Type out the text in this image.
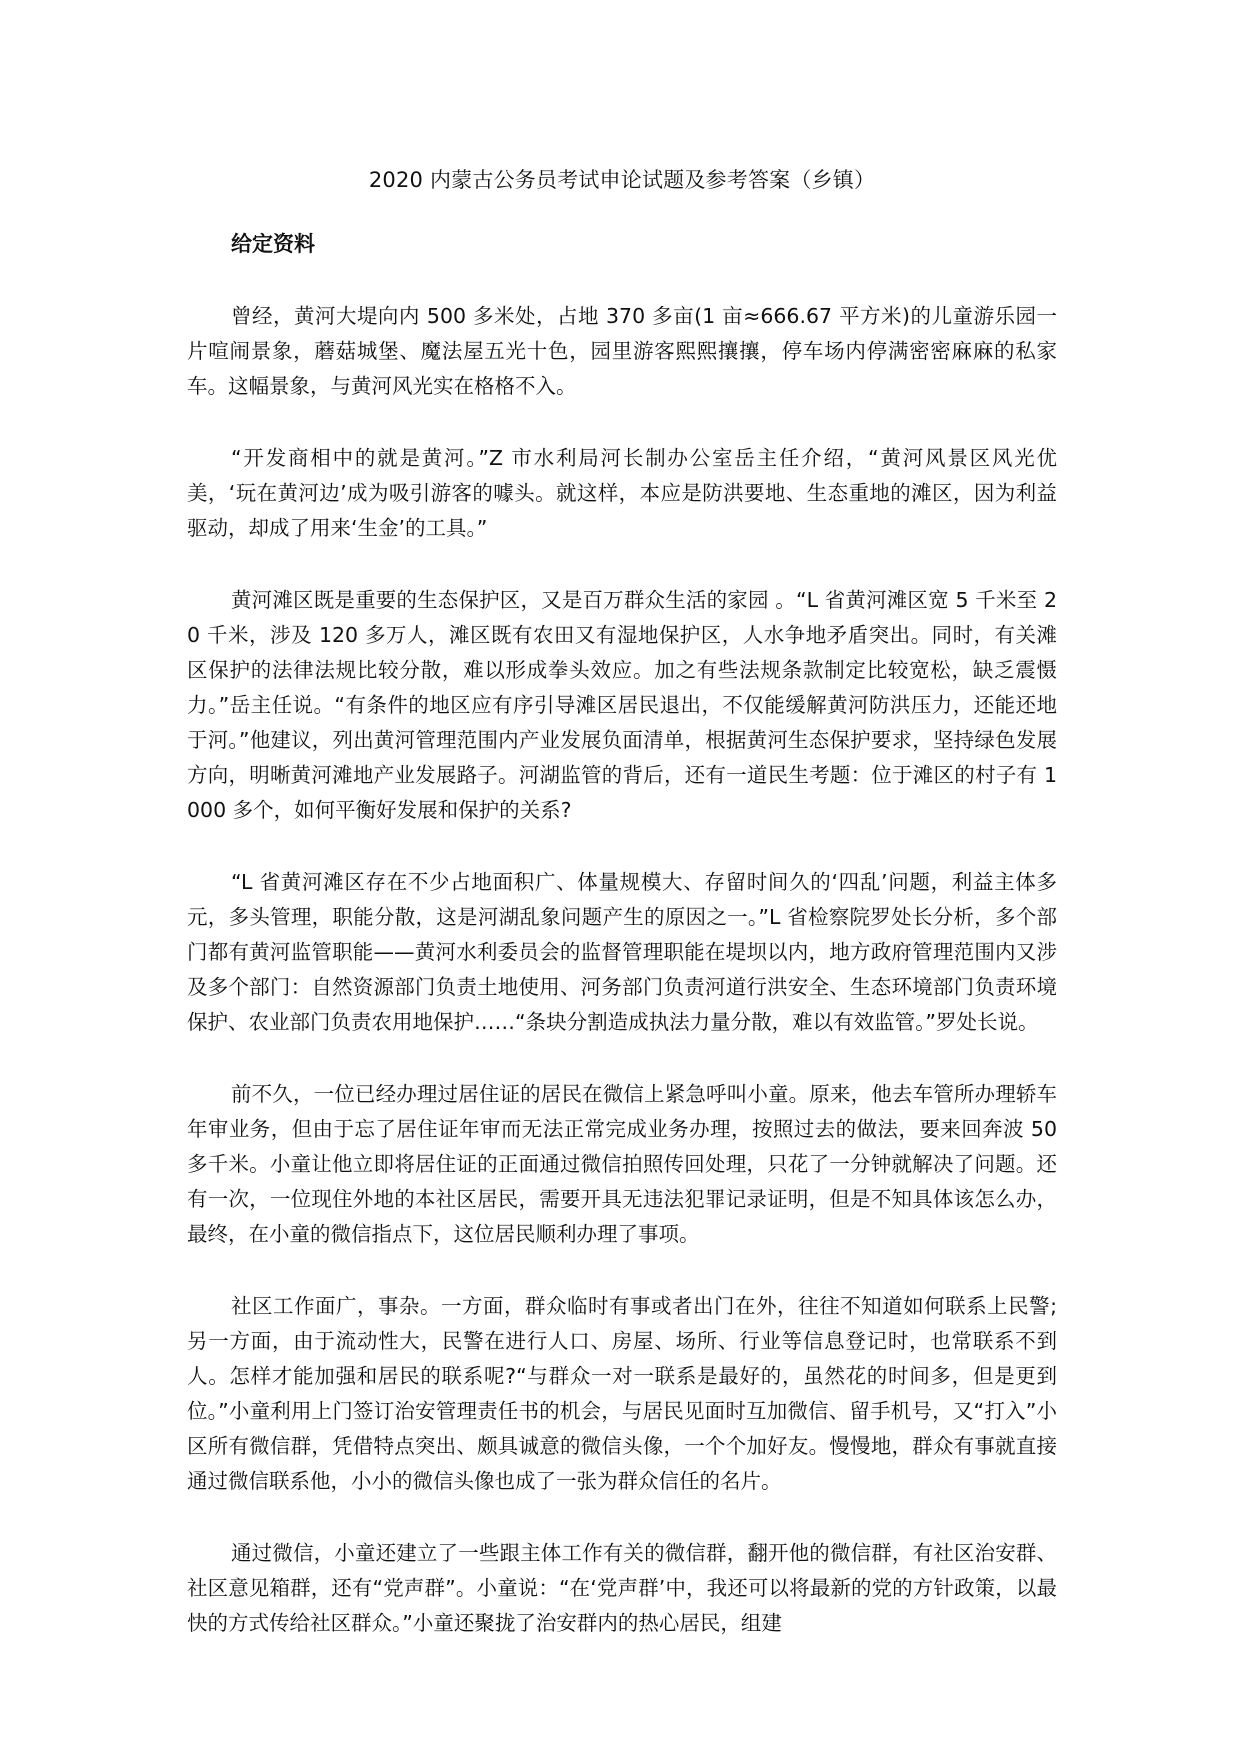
2020 内蒙古公务员考试申论试题及参考答案（乡镇）
给定资料

曾经，黄河大堤向内 500 多米处，占地 370 多亩(1 亩≈666.67 平方米)的儿童游乐园一片喧闹景象，蘑菇城堡、魔法屋五光十色，园里游客熙熙攘攘，停车场内停满密密麻麻的私家车。这幅景象，与黄河风光实在格格不入。

“开发商相中的就是黄河。”Z 市水利局河长制办公室岳主任介绍，“黄河风景区风光优美，‘玩在黄河边’成为吸引游客的噱头。就这样，本应是防洪要地、生态重地的滩区，因为利益驱动，却成了用来‘生金’的工具。”

黄河滩区既是重要的生态保护区，又是百万群众生活的家园 。“L 省黄河滩区宽 5 千米至 20 千米，涉及 120 多万人，滩区既有农田又有湿地保护区，人水争地矛盾突出。同时，有关滩区保护的法律法规比较分散，难以形成拳头效应。加之有些法规条款制定比较宽松，缺乏震慑力。”岳主任说。“有条件的地区应有序引导滩区居民退出，不仅能缓解黄河防洪压力，还能还地于河。”他建议，列出黄河管理范围内产业发展负面清单，根据黄河生态保护要求，坚持绿色发展方向，明晰黄河滩地产业发展路子。河湖监管的背后，还有一道民生考题：位于滩区的村子有 1000 多个，如何平衡好发展和保护的关系?

“L 省黄河滩区存在不少占地面积广、体量规模大、存留时间久的‘四乱’问题，利益主体多元，多头管理，职能分散，这是河湖乱象问题产生的原因之一。”L 省检察院罗处长分析，多个部门都有黄河监管职能——黄河水利委员会的监督管理职能在堤坝以内，地方政府管理范围内又涉及多个部门：自然资源部门负责土地使用、河务部门负责河道行洪安全、生态环境部门负责环境保护、农业部门负责农用地保护……“条块分割造成执法力量分散，难以有效监管。”罗处长说。

前不久，一位已经办理过居住证的居民在微信上紧急呼叫小童。原来，他去车管所办理轿车年审业务，但由于忘了居住证年审而无法正常完成业务办理，按照过去的做法，要来回奔波 50 多千米。小童让他立即将居住证的正面通过微信拍照传回处理，只花了一分钟就解决了问题。还有一次，一位现住外地的本社区居民，需要开具无违法犯罪记录证明，但是不知具体该怎么办，最终，在小童的微信指点下，这位居民顺利办理了事项。

社区工作面广，事杂。一方面，群众临时有事或者出门在外，往往不知道如何联系上民警;另一方面，由于流动性大，民警在进行人口、房屋、场所、行业等信息登记时，也常联系不到人。怎样才能加强和居民的联系呢?“与群众一对一联系是最好的，虽然花的时间多，但是更到位。”小童利用上门签订治安管理责任书的机会，与居民见面时互加微信、留手机号，又“打入”小区所有微信群，凭借特点突出、颇具诚意的微信头像，一个个加好友。慢慢地，群众有事就直接通过微信联系他，小小的微信头像也成了一张为群众信任的名片。

通过微信，小童还建立了一些跟主体工作有关的微信群，翻开他的微信群，有社区治安群、社区意见箱群，还有“党声群”。小童说：“在‘党声群’中，我还可以将最新的党的方针政策，以最快的方式传给社区群众。”小童还聚拢了治安群内的热心居民，组建
